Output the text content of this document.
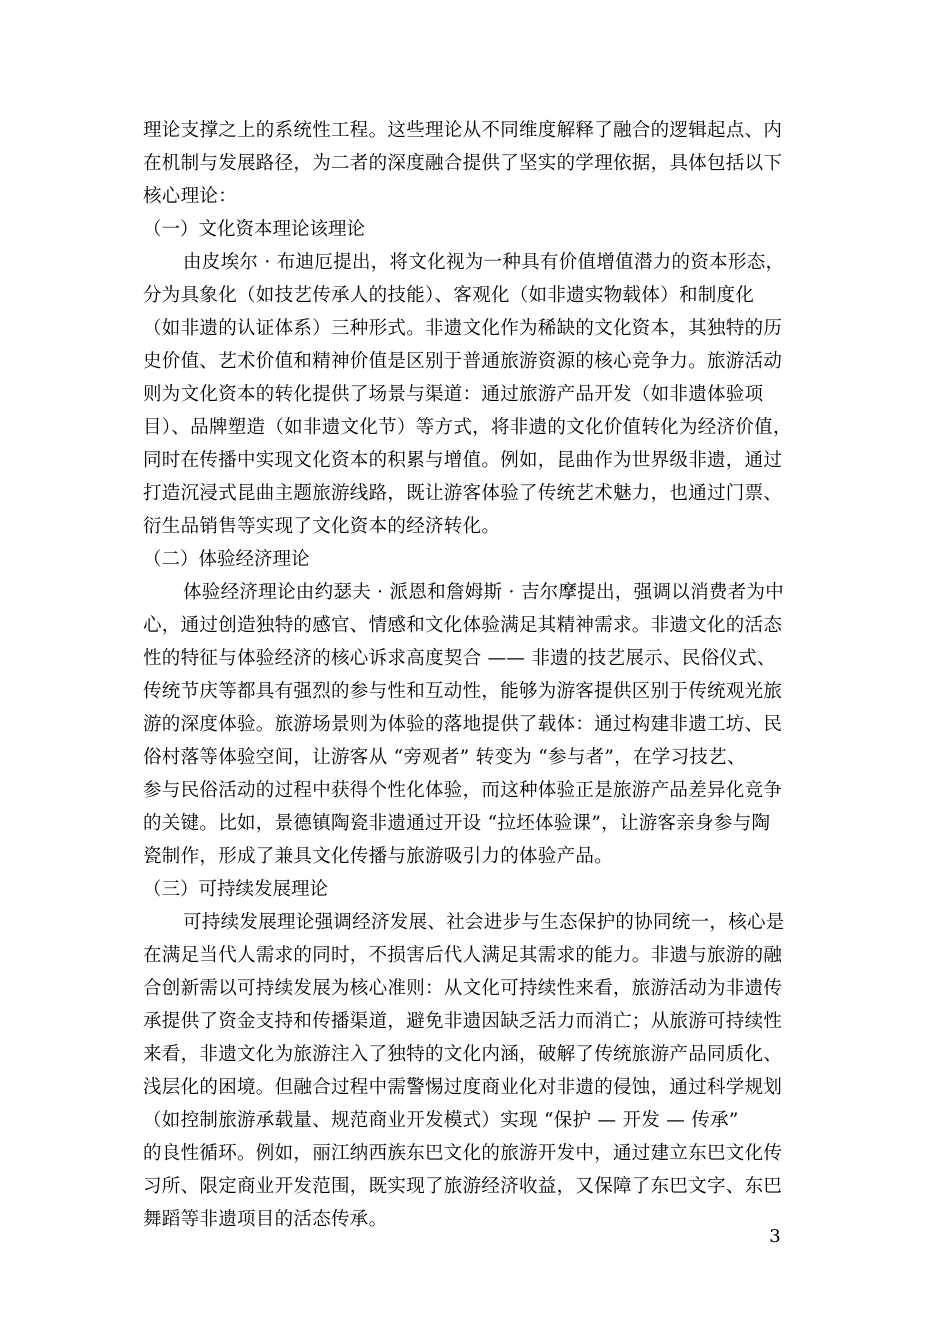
理论支撑之上的系统性工程。这些理论从不同维度解释了融合的逻辑起点、内
在机制与发展路径，为二者的深度融合提供了坚实的学理依据，具体包括以下
核心理论：
（一）文化资本理论该理论
由皮埃尔 · 布迪厄提出，将文化视为一种具有价值增值潜力的资本形态，
分为具象化（如技艺传承人的技能）、客观化（如非遗实物载体）和制度化
（如非遗的认证体系）三种形式。非遗文化作为稀缺的文化资本，其独特的历
史价值、艺术价值和精神价值是区别于普通旅游资源的核心竞争力。旅游活动
则为文化资本的转化提供了场景与渠道：通过旅游产品开发（如非遗体验项
目）、品牌塑造（如非遗文化节）等方式，将非遗的文化价值转化为经济价值，
同时在传播中实现文化资本的积累与增值。例如，昆曲作为世界级非遗，通过
打造沉浸式昆曲主题旅游线路，既让游客体验了传统艺术魅力，也通过门票、
衍生品销售等实现了文化资本的经济转化。
（二）体验经济理论
体验经济理论由约瑟夫 · 派恩和詹姆斯 · 吉尔摩提出，强调以消费者为中
心，通过创造独特的感官、情感和文化体验满足其精神需求。非遗文化的活态
性的特征与体验经济的核心诉求高度契合 —— 非遗的技艺展示、民俗仪式、
传统节庆等都具有强烈的参与性和互动性，能够为游客提供区别于传统观光旅
游的深度体验。旅游场景则为体验的落地提供了载体：通过构建非遗工坊、民
俗村落等体验空间，让游客从 “旁观者” 转变为 “参与者”，在学习技艺、
参与民俗活动的过程中获得个性化体验，而这种体验正是旅游产品差异化竞争
的关键。比如，景德镇陶瓷非遗通过开设 “拉坯体验课”，让游客亲身参与陶
瓷制作，形成了兼具文化传播与旅游吸引力的体验产品。
（三）可持续发展理论
可持续发展理论强调经济发展、社会进步与生态保护的协同统一，核心是
在满足当代人需求的同时，不损害后代人满足其需求的能力。非遗与旅游的融
合创新需以可持续发展为核心准则：从文化可持续性来看，旅游活动为非遗传
承提供了资金支持和传播渠道，避免非遗因缺乏活力而消亡；从旅游可持续性
来看，非遗文化为旅游注入了独特的文化内涵，破解了传统旅游产品同质化、
浅层化的困境。但融合过程中需警惕过度商业化对非遗的侵蚀，通过科学规划
（如控制旅游承载量、规范商业开发模式）实现 “保护 — 开发 — 传承”
的良性循环。例如，丽江纳西族东巴文化的旅游开发中，通过建立东巴文化传
习所、限定商业开发范围，既实现了旅游经济收益，又保障了东巴文字、东巴
舞蹈等非遗项目的活态传承。
3
